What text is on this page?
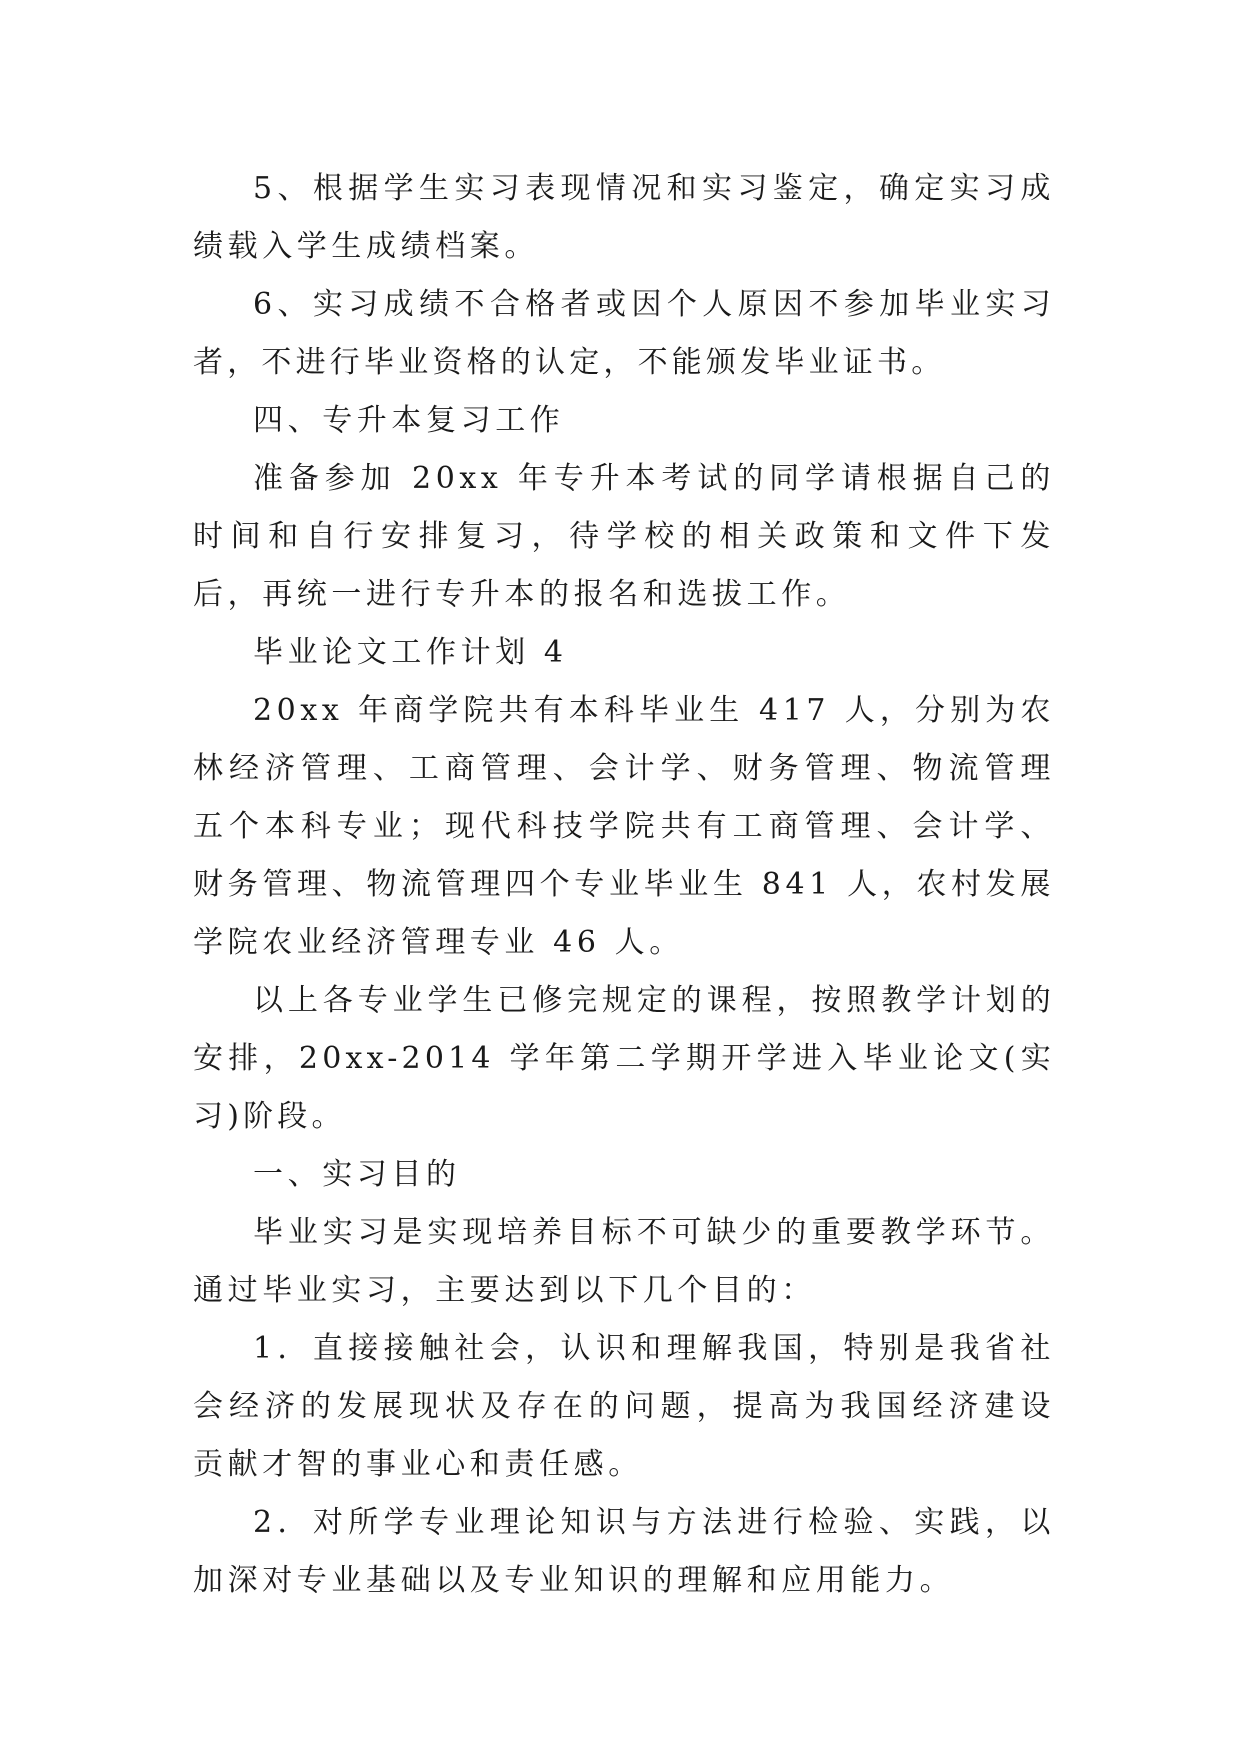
5、根据学生实习表现情况和实习鉴定，确定实习成绩载入学生成绩档案。

6、实习成绩不合格者或因个人原因不参加毕业实习者，不进行毕业资格的认定，不能颁发毕业证书。

四、专升本复习工作

准备参加 20xx 年专升本考试的同学请根据自己的时间和自行安排复习，待学校的相关政策和文件下发后，再统一进行专升本的报名和选拔工作。

毕业论文工作计划 4

20xx 年商学院共有本科毕业生 417 人，分别为农林经济管理、工商管理、会计学、财务管理、物流管理五个本科专业；现代科技学院共有工商管理、会计学、财务管理、物流管理四个专业毕业生 841 人，农村发展学院农业经济管理专业 46 人。

以上各专业学生已修完规定的课程，按照教学计划的安排，20xx-2014 学年第二学期开学进入毕业论文(实习)阶段。

一、实习目的

毕业实习是实现培养目标不可缺少的重要教学环节。通过毕业实习，主要达到以下几个目的：

1．直接接触社会，认识和理解我国，特别是我省社会经济的发展现状及存在的问题，提高为我国经济建设贡献才智的事业心和责任感。

2．对所学专业理论知识与方法进行检验、实践，以加深对专业基础以及专业知识的理解和应用能力。
